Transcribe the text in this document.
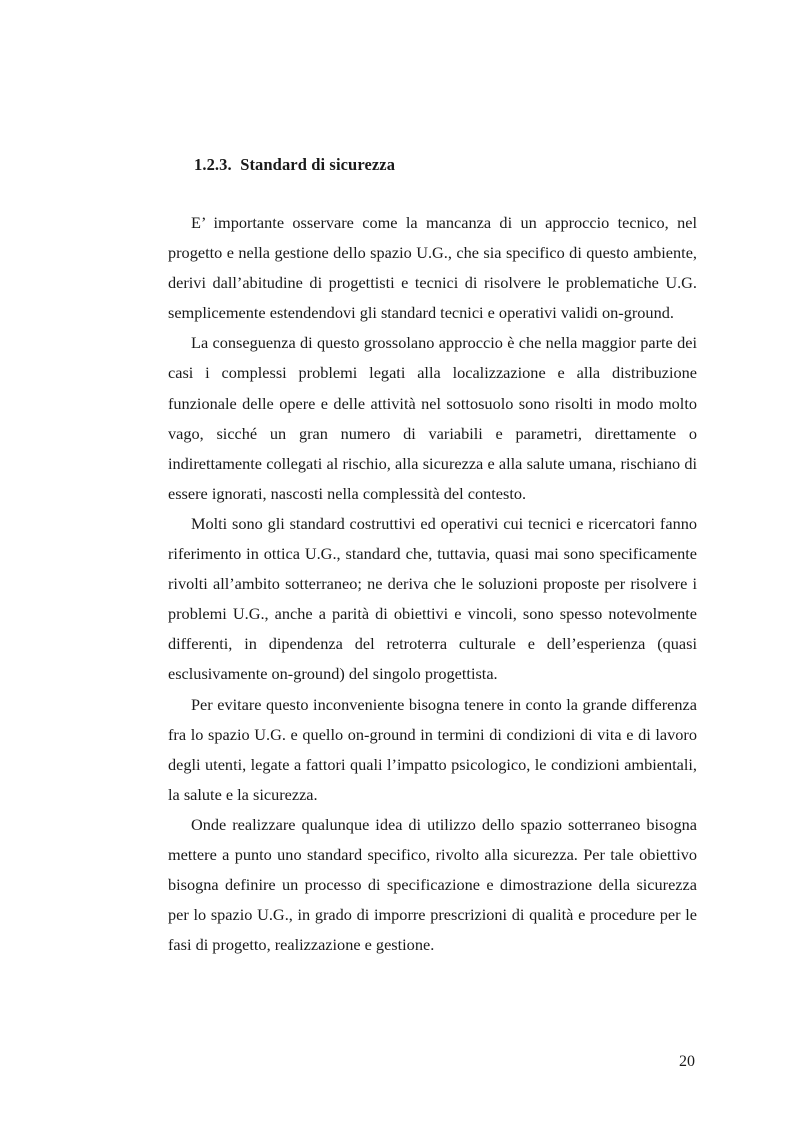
1.2.3. Standard di sicurezza

E’ importante osservare come la mancanza di un approccio tecnico, nel progetto e nella gestione dello spazio U.G., che sia specifico di questo ambiente, derivi dall’abitudine di progettisti e tecnici di risolvere le problematiche U.G. semplicemente estendendovi gli standard tecnici e operativi validi on-ground.

La conseguenza di questo grossolano approccio è che nella maggior parte dei casi i complessi problemi legati alla localizzazione e alla distribuzione funzionale delle opere e delle attività nel sottosuolo sono risolti in modo molto vago, sicché un gran numero di variabili e parametri, direttamente o indirettamente collegati al rischio, alla sicurezza e alla salute umana, rischiano di essere ignorati, nascosti nella complessità del contesto.

Molti sono gli standard costruttivi ed operativi cui tecnici e ricercatori fanno riferimento in ottica U.G., standard che, tuttavia, quasi mai sono specificamente rivolti all’ambito sotterraneo; ne deriva che le soluzioni proposte per risolvere i problemi U.G., anche a parità di obiettivi e vincoli, sono spesso notevolmente differenti, in dipendenza del retroterra culturale e dell’esperienza (quasi esclusivamente on-ground) del singolo progettista.

Per evitare questo inconveniente bisogna tenere in conto la grande differenza fra lo spazio U.G. e quello on-ground in termini di condizioni di vita e di lavoro degli utenti, legate a fattori quali l’impatto psicologico, le condizioni ambientali, la salute e la sicurezza.

Onde realizzare qualunque idea di utilizzo dello spazio sotterraneo bisogna mettere a punto uno standard specifico, rivolto alla sicurezza. Per tale obiettivo bisogna definire un processo di specificazione e dimostrazione della sicurezza per lo spazio U.G., in grado di imporre prescrizioni di qualità e procedure per le fasi di progetto, realizzazione e gestione.

20
